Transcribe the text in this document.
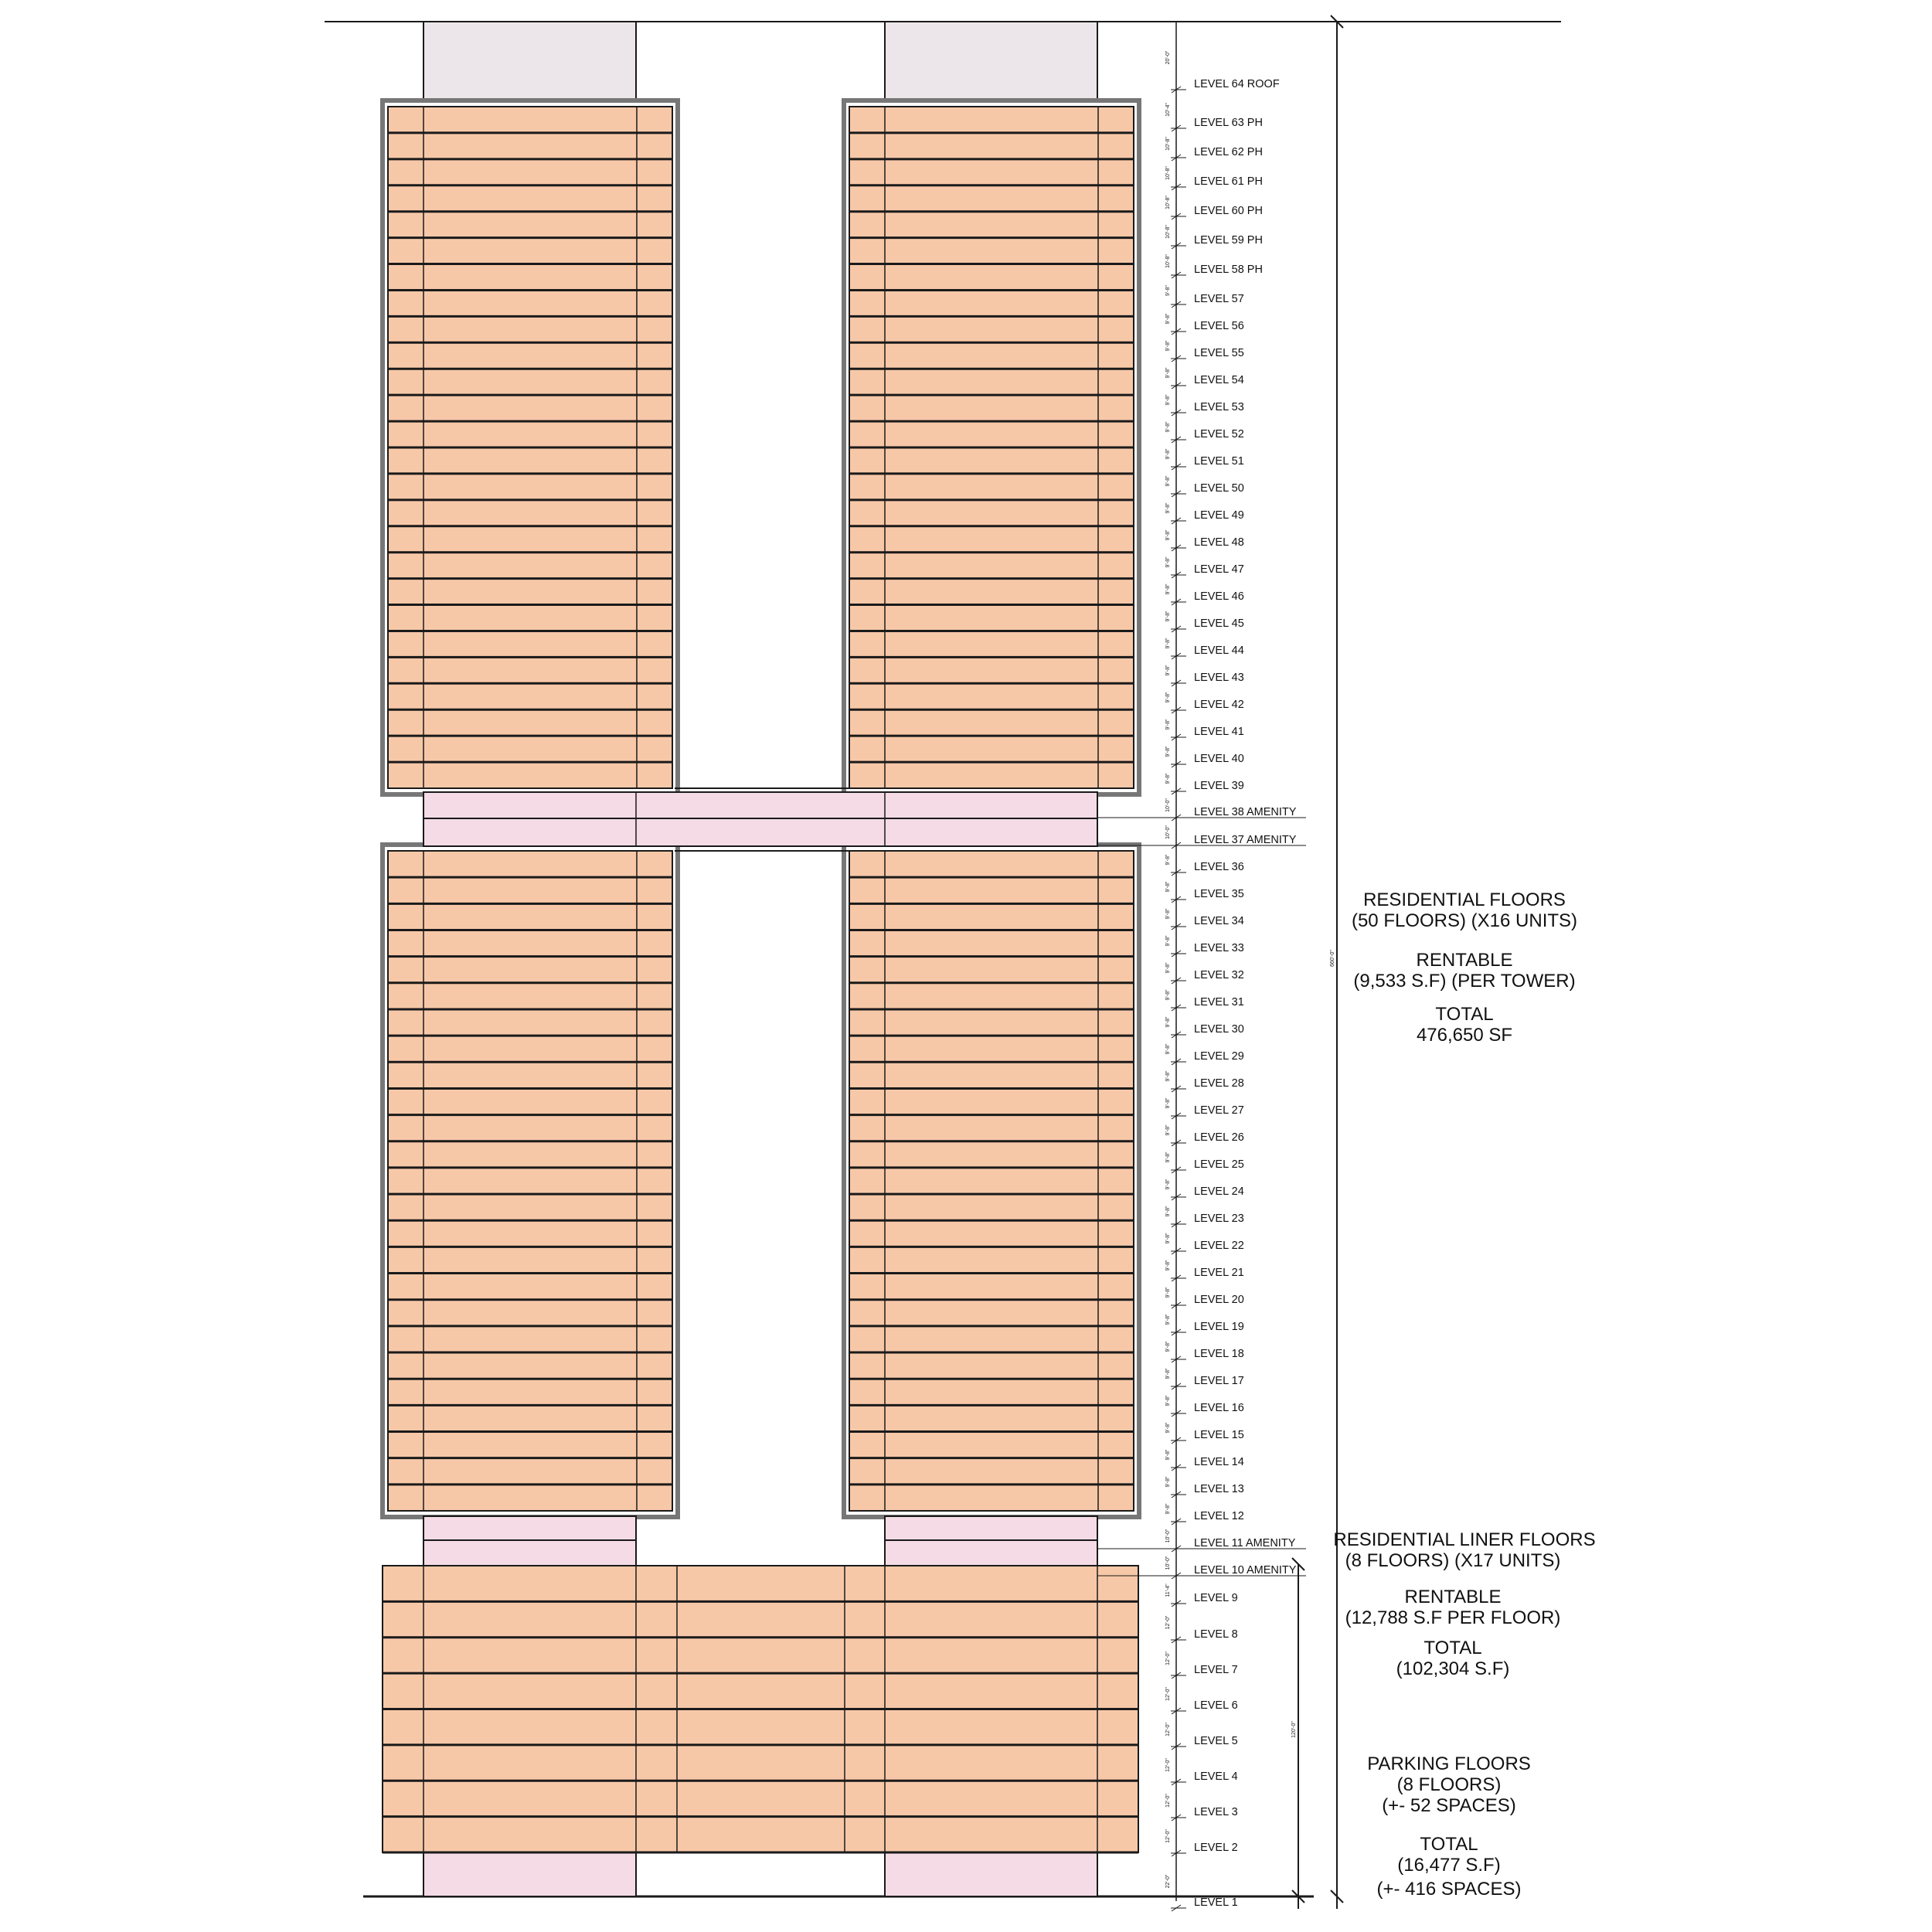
LEVEL 64 ROOF
20'-0"
LEVEL 63 PH
10'-4"
LEVEL 62 PH
10'-8"
LEVEL 61 PH
10'-8"
LEVEL 60 PH
10'-8"
LEVEL 59 PH
10'-8"
LEVEL 58 PH
10'-8"
LEVEL 57
9'-8"
LEVEL 56
9'-8"
LEVEL 55
9'-8"
LEVEL 54
9'-8"
LEVEL 53
9'-8"
LEVEL 52
9'-8"
LEVEL 51
9'-8"
LEVEL 50
9'-8"
LEVEL 49
9'-8"
LEVEL 48
9'-8"
LEVEL 47
9'-8"
LEVEL 46
9'-8"
LEVEL 45
9'-8"
LEVEL 44
9'-8"
LEVEL 43
9'-8"
LEVEL 42
9'-8"
LEVEL 41
9'-8"
LEVEL 40
9'-8"
LEVEL 39
9'-8"
LEVEL 38 AMENITY
10'-0"
LEVEL 37 AMENITY
10'-0"
LEVEL 36
9'-8"
LEVEL 35
9'-8"
LEVEL 34
9'-8"
LEVEL 33
9'-8"
LEVEL 32
9'-8"
LEVEL 31
9'-8"
LEVEL 30
9'-8"
LEVEL 29
9'-8"
LEVEL 28
9'-8"
LEVEL 27
9'-8"
LEVEL 26
9'-8"
LEVEL 25
9'-8"
LEVEL 24
9'-8"
LEVEL 23
9'-8"
LEVEL 22
9'-8"
LEVEL 21
9'-8"
LEVEL 20
9'-8"
LEVEL 19
9'-8"
LEVEL 18
9'-8"
LEVEL 17
9'-8"
LEVEL 16
9'-8"
LEVEL 15
9'-8"
LEVEL 14
9'-8"
LEVEL 13
9'-8"
LEVEL 12
9'-8"
LEVEL 11 AMENITY
10'-0"
LEVEL 10 AMENITY
10'-0"
LEVEL 9
11'-4"
LEVEL 8
12'-0"
LEVEL 7
12'-0"
LEVEL 6
12'-0"
LEVEL 5
12'-0"
LEVEL 4
12'-0"
LEVEL 3
12'-0"
LEVEL 2
12'-0"
LEVEL 1
22'-0"
660'-0"
120'-0"
RESIDENTIAL FLOORS
(50 FLOORS) (X16 UNITS)
RENTABLE
(9,533 S.F) (PER TOWER)
TOTAL
476,650 SF
RESIDENTIAL LINER FLOORS
(8 FLOORS) (X17 UNITS)
RENTABLE
(12,788 S.F PER FLOOR)
TOTAL
(102,304 S.F)
PARKING FLOORS
(8 FLOORS)
(+- 52 SPACES)
TOTAL
(16,477 S.F)
(+- 416 SPACES)
